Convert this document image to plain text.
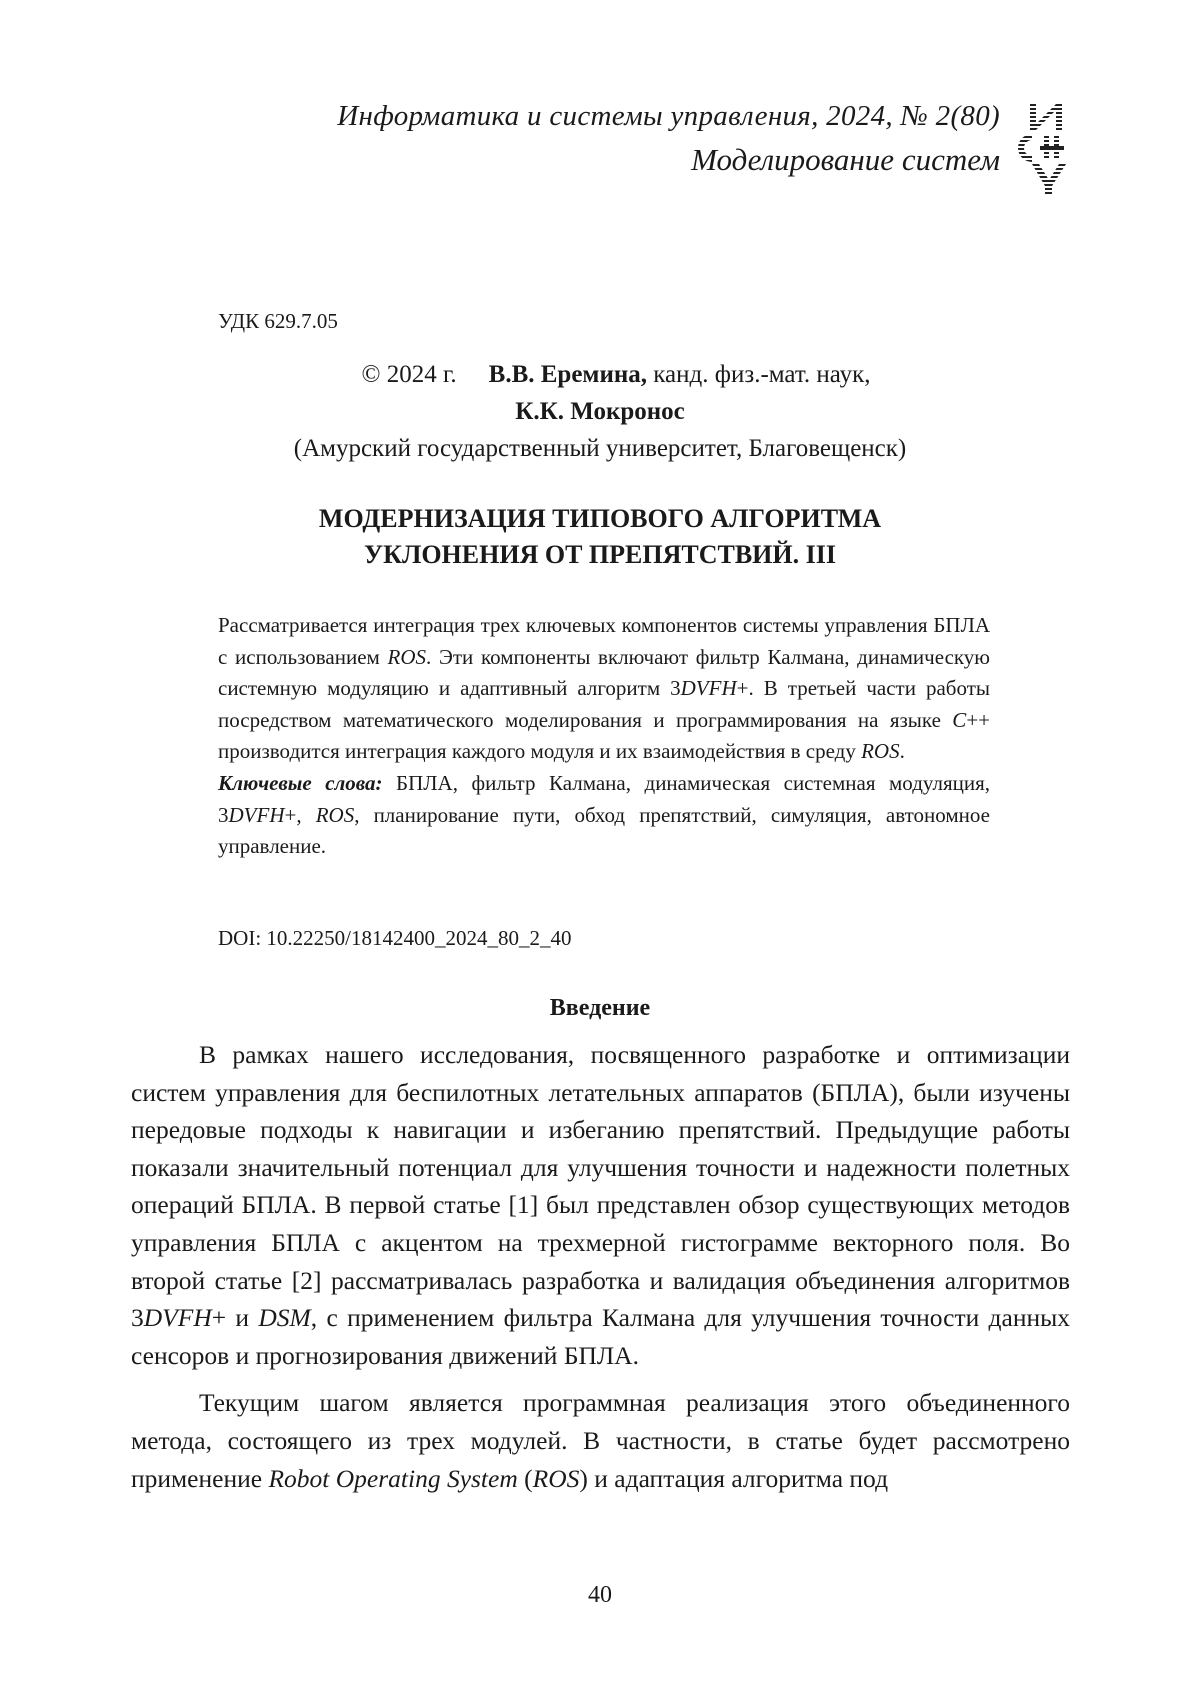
Информатика и системы управления, 2024, № 2(80)
Моделирование систем
УДК 629.7.05
© 2024 г. В.В. Еремина, канд. физ.-мат. наук,
К.К. Мокронос
(Амурский государственный университет, Благовещенск)
МОДЕРНИЗАЦИЯ ТИПОВОГО АЛГОРИТМА
УКЛОНЕНИЯ ОТ ПРЕПЯТСТВИЙ. III

Рассматривается интеграция трех ключевых компонентов системы управления БПЛА с использованием ROS. Эти компоненты включают фильтр Калмана, динамическую системную модуляцию и адаптивный алгоритм 3DVFH+. В третьей части работы посредством математического моделирования и программирования на языке C++ производится интеграция каждого модуля и их взаимодействия в среду ROS.

Ключевые слова: БПЛА, фильтр Калмана, динамическая системная модуляция, 3DVFH+, ROS, планирование пути, обход препятствий, симуляция, автономное управление.

DOI: 10.22250/18142400_2024_80_2_40
Введение

В рамках нашего исследования, посвященного разработке и оптимизации систем управления для беспилотных летательных аппаратов (БПЛА), были изучены передовые подходы к навигации и избеганию препятствий. Предыдущие работы показали значительный потенциал для улучшения точности и надежности полетных операций БПЛА. В первой статье [1] был представлен обзор существующих методов управления БПЛА с акцентом на трехмерной гистограмме векторного поля. Во второй статье [2] рассматривалась разработка и валидация объединения алгоритмов 3DVFH+ и DSM, с применением фильтра Калмана для улучшения точности данных сенсоров и прогнозирования движений БПЛА.

Текущим шагом является программная реализация этого объединенного метода, состоящего из трех модулей. В частности, в статье будет рассмотрено применение Robot Operating System (ROS) и адаптация алгоритма под

40
